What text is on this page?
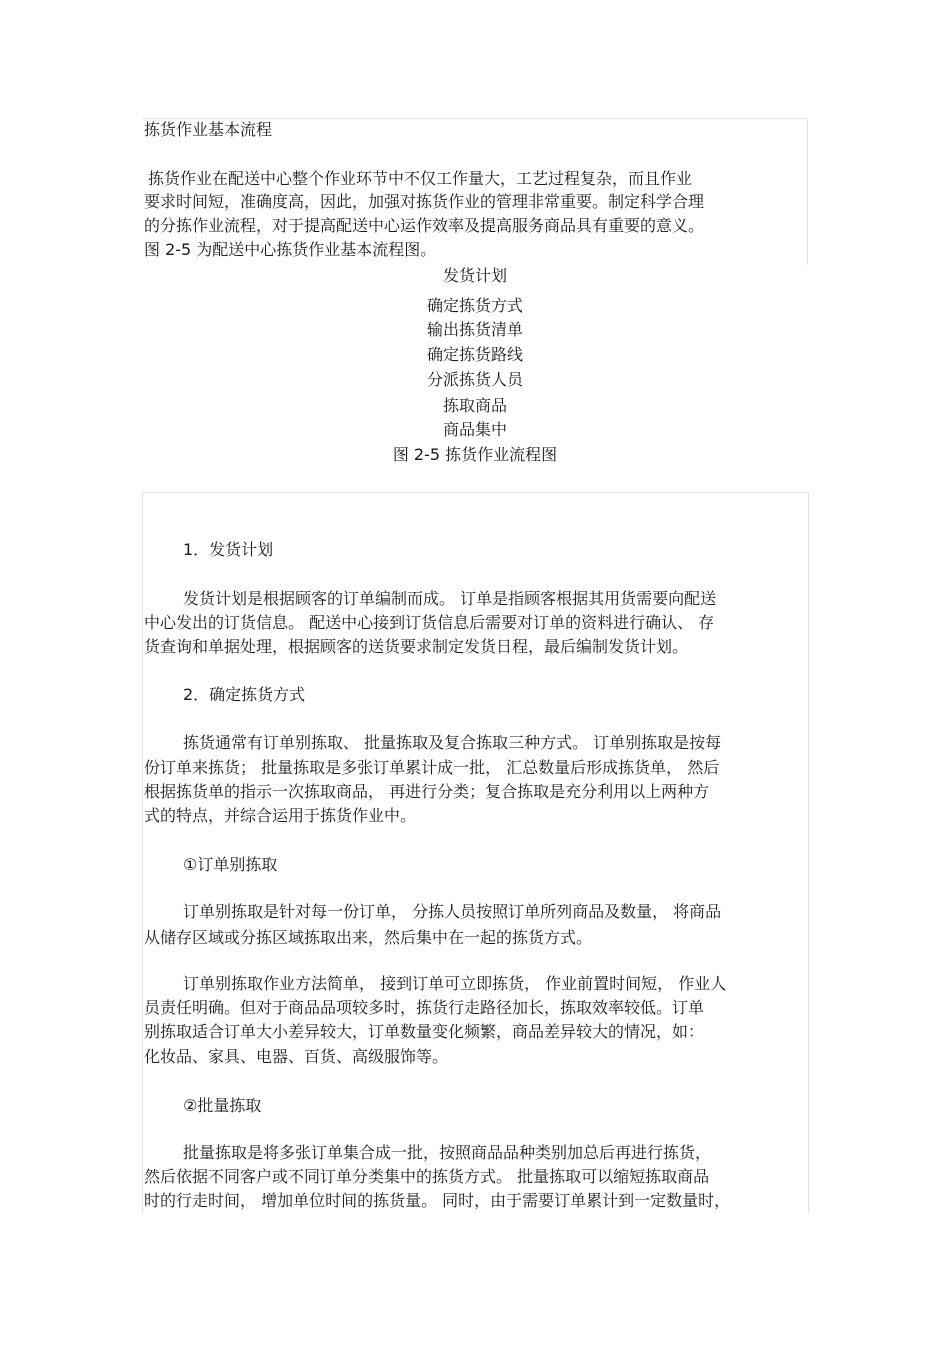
拣货作业基本流程
拣货作业在配送中心整个作业环节中不仅工作量大，工艺过程复杂，而且作业
要求时间短，准确度高，因此，加强对拣货作业的管理非常重要。制定科学合理
的分拣作业流程，对于提高配送中心运作效率及提高服务商品具有重要的意义。
图 2-5 为配送中心拣货作业基本流程图。
发货计划
确定拣货方式
输出拣货清单
确定拣货路线
分派拣货人员
拣取商品
商品集中
图 2-5 拣货作业流程图
1．发货计划
发货计划是根据顾客的订单编制而成。 订单是指顾客根据其用货需要向配送
中心发出的订货信息。 配送中心接到订货信息后需要对订单的资料进行确认、 存
货查询和单据处理，根据顾客的送货要求制定发货日程，最后编制发货计划。
2．确定拣货方式
拣货通常有订单别拣取、 批量拣取及复合拣取三种方式。 订单别拣取是按每
份订单来拣货； 批量拣取是多张订单累计成一批， 汇总数量后形成拣货单， 然后
根据拣货单的指示一次拣取商品， 再进行分类；复合拣取是充分利用以上两种方
式的特点，并综合运用于拣货作业中。
①订单别拣取
订单别拣取是针对每一份订单， 分拣人员按照订单所列商品及数量， 将商品
从储存区域或分拣区域拣取出来，然后集中在一起的拣货方式。
订单别拣取作业方法简单， 接到订单可立即拣货， 作业前置时间短， 作业人
员责任明确。但对于商品品项较多时，拣货行走路径加长，拣取效率较低。订单
别拣取适合订单大小差异较大，订单数量变化频繁，商品差异较大的情况，如：
化妆品、家具、电器、百货、高级服饰等。
②批量拣取
批量拣取是将多张订单集合成一批，按照商品品种类别加总后再进行拣货，
然后依据不同客户或不同订单分类集中的拣货方式。 批量拣取可以缩短拣取商品
时的行走时间， 增加单位时间的拣货量。 同时，由于需要订单累计到一定数量时，
